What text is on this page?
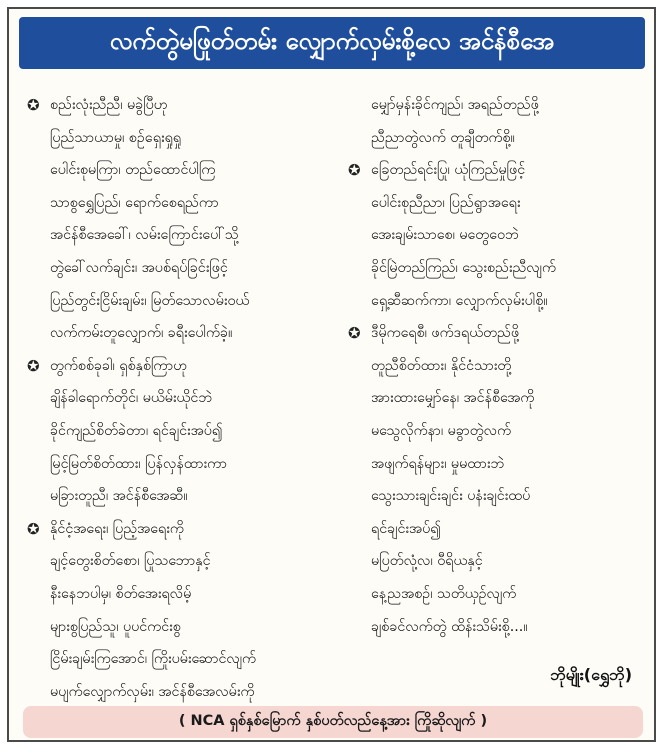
လက်တွဲမဖြုတ်တမ်း လျှောက်လှမ်းစို့လေ အင်န်စီအေ
✪ စည်းလုံးညီညီ၊ မခွဲပြီဟု
ပြည်သာယာမှု၊ စဉ်ရှေးရှုရှု
ပေါင်းစုမကြာ၊ တည်ထောင်ပါကြ
သာစွရွှေပြည်၊ ရောက်စေရည်ကာ
အင်န်စီအေခေါ်၊ လမ်းကြောင်းပေါ်သို့
တွဲခေါ်လက်ချင်း၊ အပစ်ရပ်ခြင်းဖြင့်
ပြည်တွင်းငြိမ်းချမ်း၊ မြတ်သောလမ်းဝယ်
လက်ကမ်းတူလျှောက်၊ ခရီးပေါက်ခဲ့။
✪ တွက်စစ်ခုခါ၊ ရှစ်နှစ်ကြာဟု
ချိန်ခါရောက်တိုင်၊ မယိမ်းယိုင်ဘဲ
ခိုင်ကျည်စိတ်ခဲတာ၊ ရင်ချင်းအပ်၍
မြင့်မြတ်စိတ်ထား၊ ပြန်လှန်ထားကာ
မခြားတူညီ၊ အင်န်စီအေဆီ။
✪ နိုင်ငံ့အရေး၊ ပြည့်အရေးကို
ချင့်တွေးစိတ်စော၊ ပြုသဘောနှင့်
နီးနေဘပါမှ၊ စိတ်အေးရလိမ့်
များစွပြည်သူ၊ ပူပင်ကင်းစွ
ငြိမ်းချမ်းကြအောင်၊ ကြိုးပမ်းဆောင်လျက်
မပျက်လျှောက်လှမ်း၊ အင်န်စီအေလမ်းကို
မျှော်မှန်းခိုင်ကျည်၊ အရည်တည်ဖို့
ညီညာတွဲလက် တူချီတက်စို့။
✪ ခြေတည်ရင်းပြု၊ ယုံကြည်မှုဖြင့်
ပေါင်းစုညီညာ၊ ပြည်ရွာအရေး
အေးချမ်းသာစေ၊ မတွေဝေဘဲ
ခိုင်မြဲတည်ကြည်၊ သွေးစည်းညီလျက်
ရှေ့ဆီဆက်ကာ၊ လျှောက်လှမ်းပါစို့။
✪ ဒီမိုကရေစီ၊ ဖက်ဒရယ်တည်ဖို့
တူညီစိတ်ထား၊ နိုင်ငံသားတို့
အားထားမျှော်နေ၊ အင်န်စီအေကို
မသွေလိုက်နာ၊ မခွာတွဲလက်
အဖျက်ရန်များ၊ မှုမထားဘဲ
သွေးသားချင်းချင်း ပနံးချင်းထပ်
ရင်ချင်းအပ်၍
မပြတ်လုံ့လ၊ ဝီရိယနှင့်
နေ့ညအစဉ်၊ သတိယှဉ်လျက်
ချစ်ခင်လက်တွဲ ထိန်းသိမ်းစို့...။
ဘိုမျိုး(ရွှေဘို)
( NCA ရှစ်နှစ်မြောက် နှစ်ပတ်လည်နေ့အား ကြိုဆိုလျက် )
